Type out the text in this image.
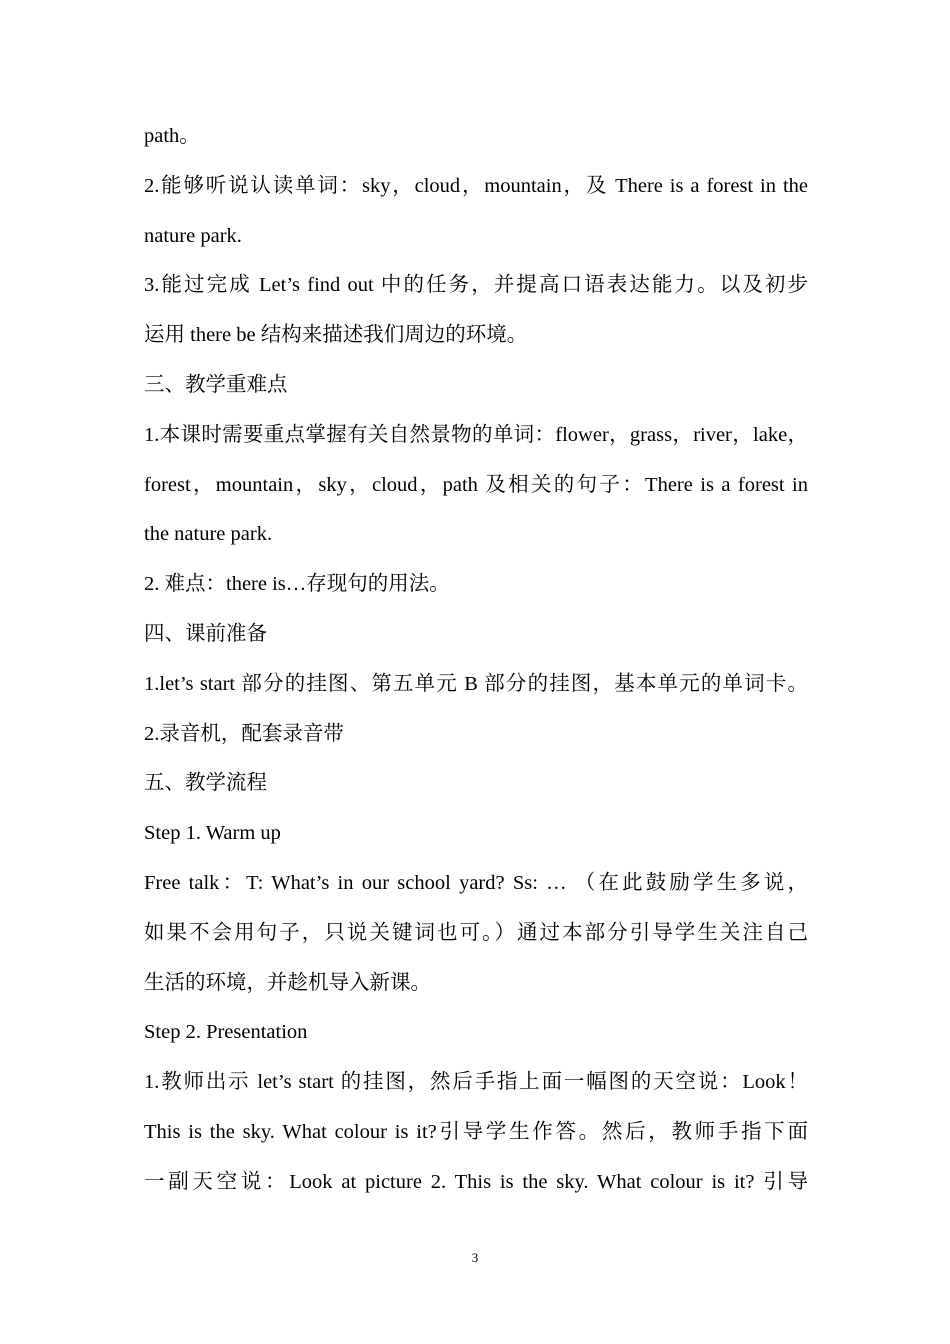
path。
2.能够听说认读单词：sky，cloud，mountain，及 There is a forest in the
nature park.
3.能过完成 Let’s find out 中的任务，并提高口语表达能力。以及初步
运用 there be 结构来描述我们周边的环境。
三、教学重难点
1.本课时需要重点掌握有关自然景物的单词：flower，grass，river，lake，
forest，mountain，sky，cloud，path 及相关的句子：There is a forest in
the nature park.
2. 难点：there is…存现句的用法。
四、课前准备
1.let’s start 部分的挂图、第五单元 B 部分的挂图，基本单元的单词卡。
2.录音机，配套录音带
五、教学流程
Step 1. Warm up
Free talk：T: What’s in our school yard? Ss: … （在此鼓励学生多说，
如果不会用句子，只说关键词也可。）通过本部分引导学生关注自己
生活的环境，并趁机导入新课。
Step 2. Presentation
1.教师出示 let’s start 的挂图，然后手指上面一幅图的天空说：Look！
This is the sky. What colour is it?引导学生作答。然后，教师手指下面
一副天空说：Look at picture 2. This is the sky. What colour is it? 引导
3
